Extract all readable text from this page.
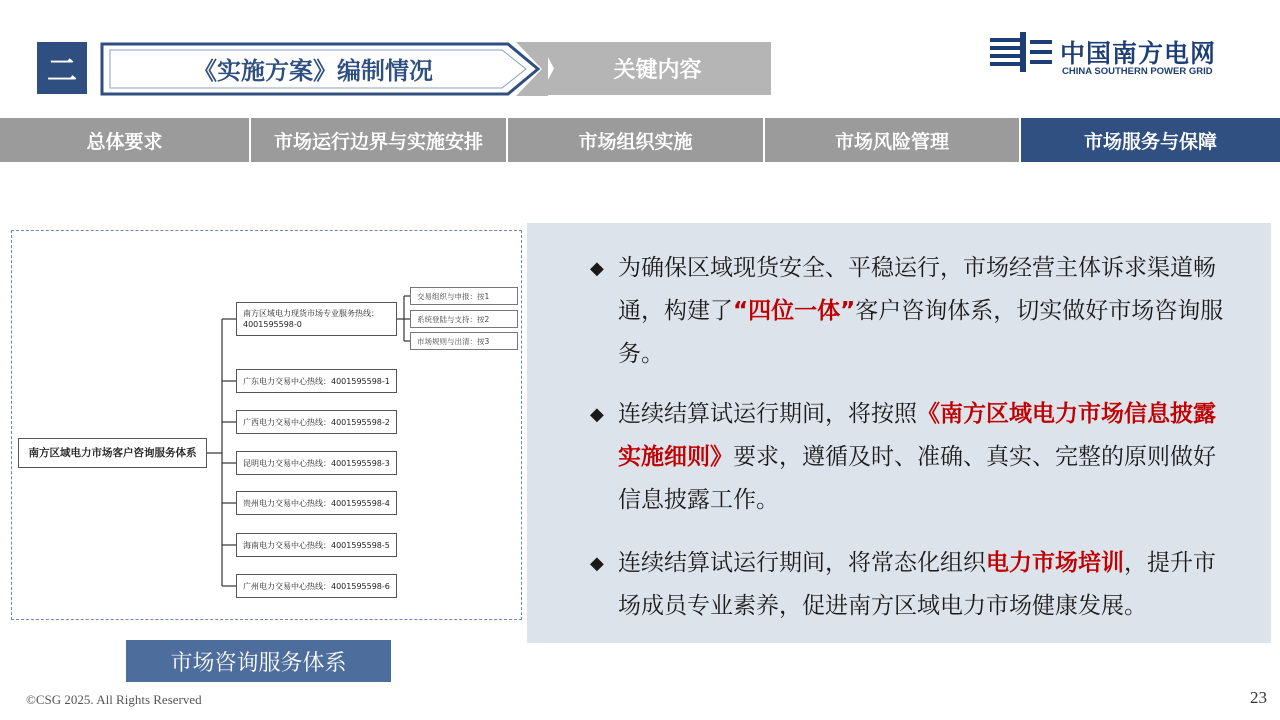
二	《实施方案》编制情况	关键内容
中国南方电网
CHINA SOUTHERN POWER GRID
总体要求	市场运行边界与实施安排	市场组织实施	市场风险管理	市场服务与保障
南方区域电力市场客户咨询服务体系
南方区域电力现货市场专业服务热线：4001595598-0
广东电力交易中心热线：4001595598-1
广西电力交易中心热线：4001595598-2
昆明电力交易中心热线：4001595598-3
贵州电力交易中心热线：4001595598-4
海南电力交易中心热线：4001595598-5
广州电力交易中心热线：4001595598-6
交易组织与申报：按1
系统登陆与支持：按2
市场规则与出清：按3
市场咨询服务体系
◆ 为确保区域现货安全、平稳运行，市场经营主体诉求渠道畅通，构建了“四位一体”客户咨询体系，切实做好市场咨询服务。
◆ 连续结算试运行期间，将按照《南方区域电力市场信息披露实施细则》要求，遵循及时、准确、真实、完整的原则做好信息披露工作。
◆ 连续结算试运行期间，将常态化组织电力市场培训，提升市场成员专业素养，促进南方区域电力市场健康发展。
©CSG 2025. All Rights Reserved	23
